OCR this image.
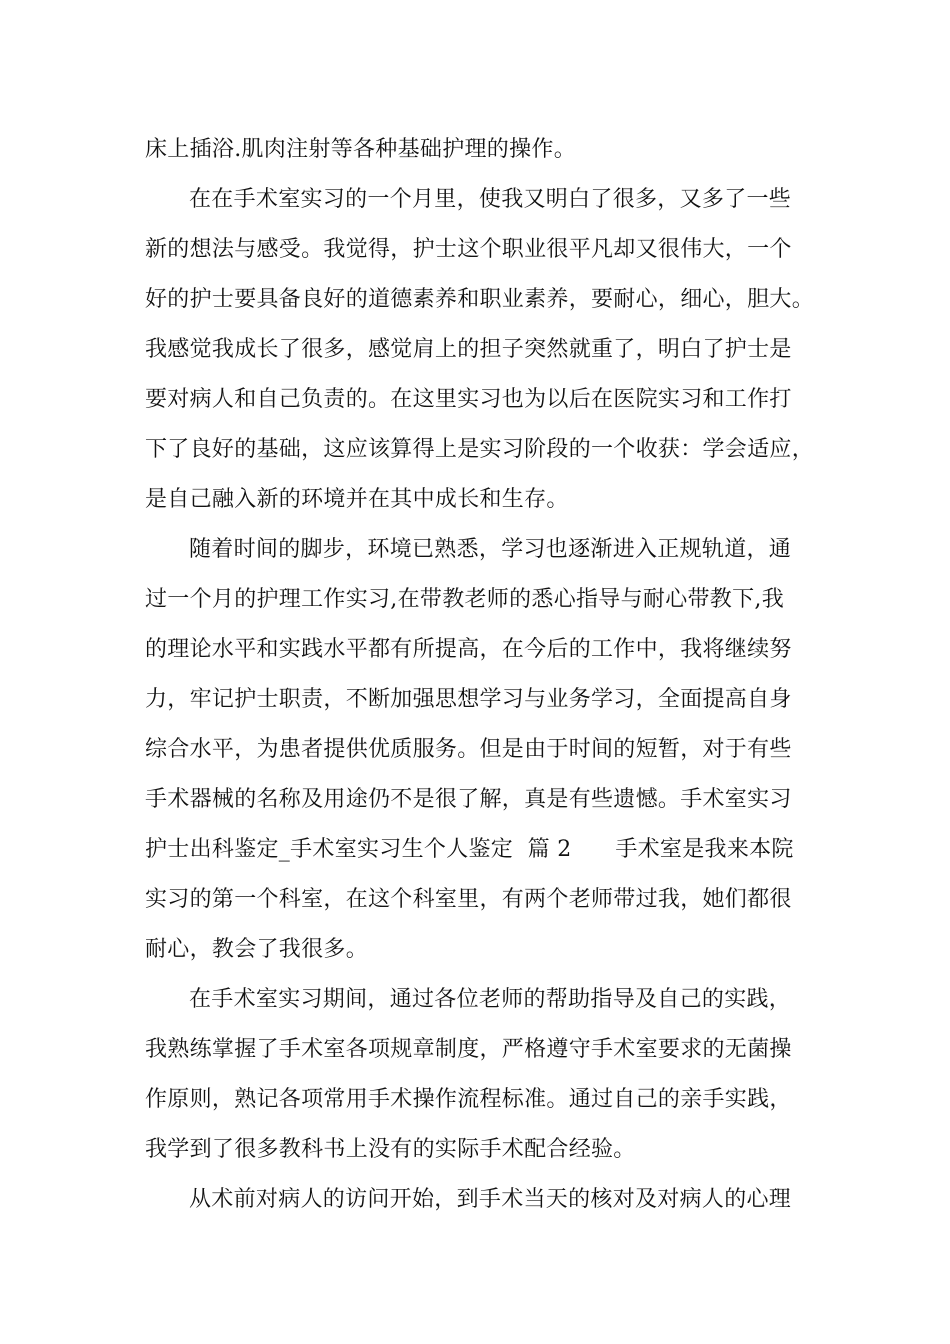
床上插浴.肌肉注射等各种基础护理的操作。
在在手术室实习的一个月里，使我又明白了很多，又多了一些
新的想法与感受。我觉得，护士这个职业很平凡却又很伟大，一个
好的护士要具备良好的道德素养和职业素养，要耐心，细心，胆大。
我感觉我成长了很多，感觉肩上的担子突然就重了，明白了护士是
要对病人和自己负责的。在这里实习也为以后在医院实习和工作打
下了良好的基础，这应该算得上是实习阶段的一个收获：学会适应，
是自己融入新的环境并在其中成长和生存。
随着时间的脚步，环境已熟悉，学习也逐渐进入正规轨道，通
过一个月的护理工作实习,在带教老师的悉心指导与耐心带教下,我
的理论水平和实践水平都有所提高，在今后的工作中，我将继续努
力，牢记护士职责，不断加强思想学习与业务学习，全面提高自身
综合水平，为患者提供优质服务。但是由于时间的短暂，对于有些
手术器械的名称及用途仍不是很了解，真是有些遗憾。手术室实习
护士出科鉴定_手术室实习生个人鉴定  篇 2      手术室是我来本院
实习的第一个科室，在这个科室里，有两个老师带过我，她们都很
耐心，教会了我很多。
在手术室实习期间，通过各位老师的帮助指导及自己的实践，
我熟练掌握了手术室各项规章制度，严格遵守手术室要求的无菌操
作原则，熟记各项常用手术操作流程标准。通过自己的亲手实践，
我学到了很多教科书上没有的实际手术配合经验。
从术前对病人的访问开始，到手术当天的核对及对病人的心理
